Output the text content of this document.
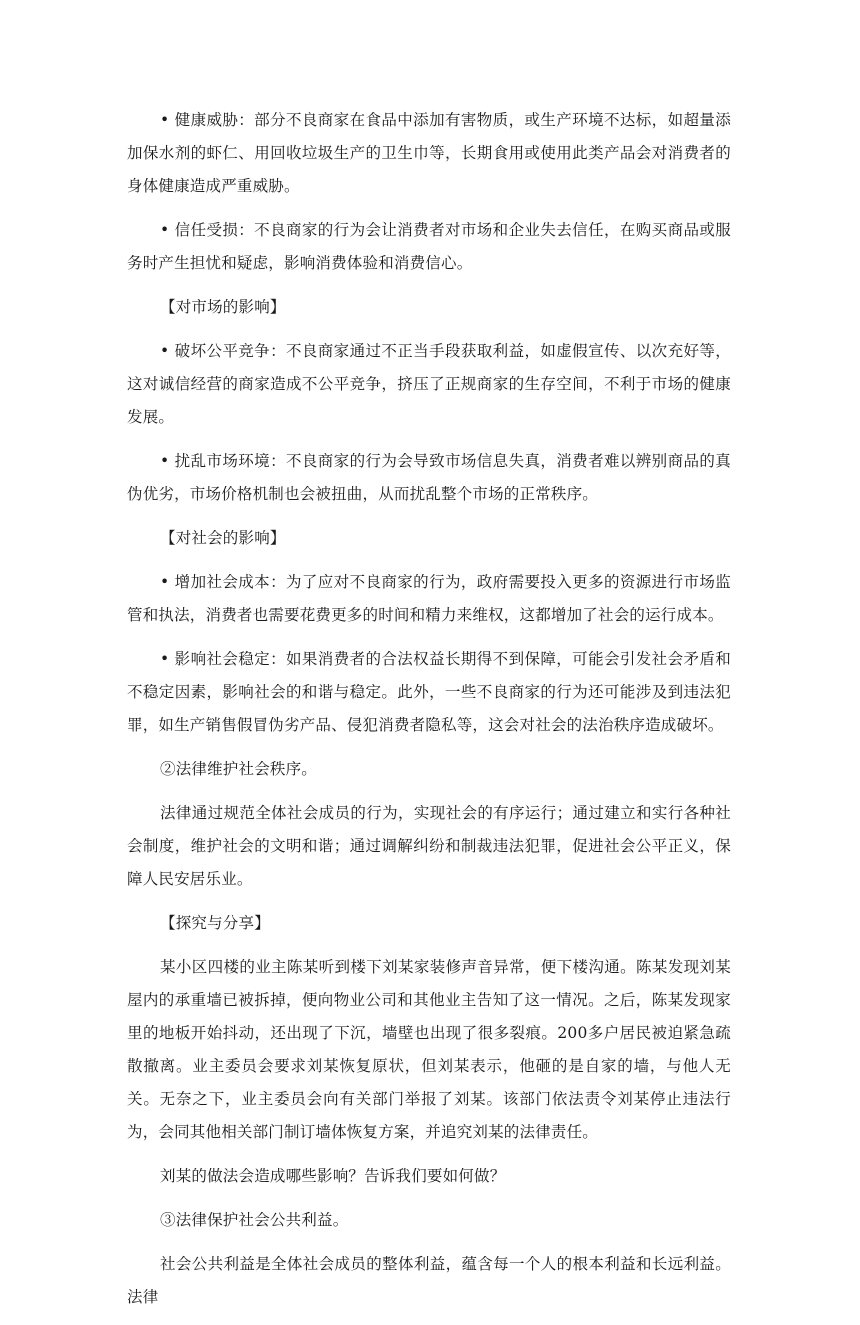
• 健康威胁：部分不良商家在食品中添加有害物质，或生产环境不达标，如超量添加保水剂的虾仁、用回收垃圾生产的卫生巾等，长期食用或使用此类产品会对消费者的身体健康造成严重威胁。

• 信任受损：不良商家的行为会让消费者对市场和企业失去信任，在购买商品或服务时产生担忧和疑虑，影响消费体验和消费信心。

【对市场的影响】

• 破坏公平竞争：不良商家通过不正当手段获取利益，如虚假宣传、以次充好等，这对诚信经营的商家造成不公平竞争，挤压了正规商家的生存空间，不利于市场的健康发展。

• 扰乱市场环境：不良商家的行为会导致市场信息失真，消费者难以辨别商品的真伪优劣，市场价格机制也会被扭曲，从而扰乱整个市场的正常秩序。

【对社会的影响】

• 增加社会成本：为了应对不良商家的行为，政府需要投入更多的资源进行市场监管和执法，消费者也需要花费更多的时间和精力来维权，这都增加了社会的运行成本。

• 影响社会稳定：如果消费者的合法权益长期得不到保障，可能会引发社会矛盾和不稳定因素，影响社会的和谐与稳定。此外，一些不良商家的行为还可能涉及到违法犯罪，如生产销售假冒伪劣产品、侵犯消费者隐私等，这会对社会的法治秩序造成破坏。

②法律维护社会秩序。

法律通过规范全体社会成员的行为，实现社会的有序运行；通过建立和实行各种社会制度，维护社会的文明和谐；通过调解纠纷和制裁违法犯罪，促进社会公平正义，保障人民安居乐业。

【探究与分享】

某小区四楼的业主陈某听到楼下刘某家装修声音异常，便下楼沟通。陈某发现刘某屋内的承重墙已被拆掉，便向物业公司和其他业主告知了这一情况。之后，陈某发现家里的地板开始抖动，还出现了下沉，墙壁也出现了很多裂痕。200多户居民被迫紧急疏散撤离。业主委员会要求刘某恢复原状，但刘某表示，他砸的是自家的墙，与他人无关。无奈之下，业主委员会向有关部门举报了刘某。该部门依法责令刘某停止违法行为，会同其他相关部门制订墙体恢复方案，并追究刘某的法律责任。

刘某的做法会造成哪些影响？告诉我们要如何做？

③法律保护社会公共利益。

社会公共利益是全体社会成员的整体利益，蕴含每一个人的根本利益和长远利益。法律
